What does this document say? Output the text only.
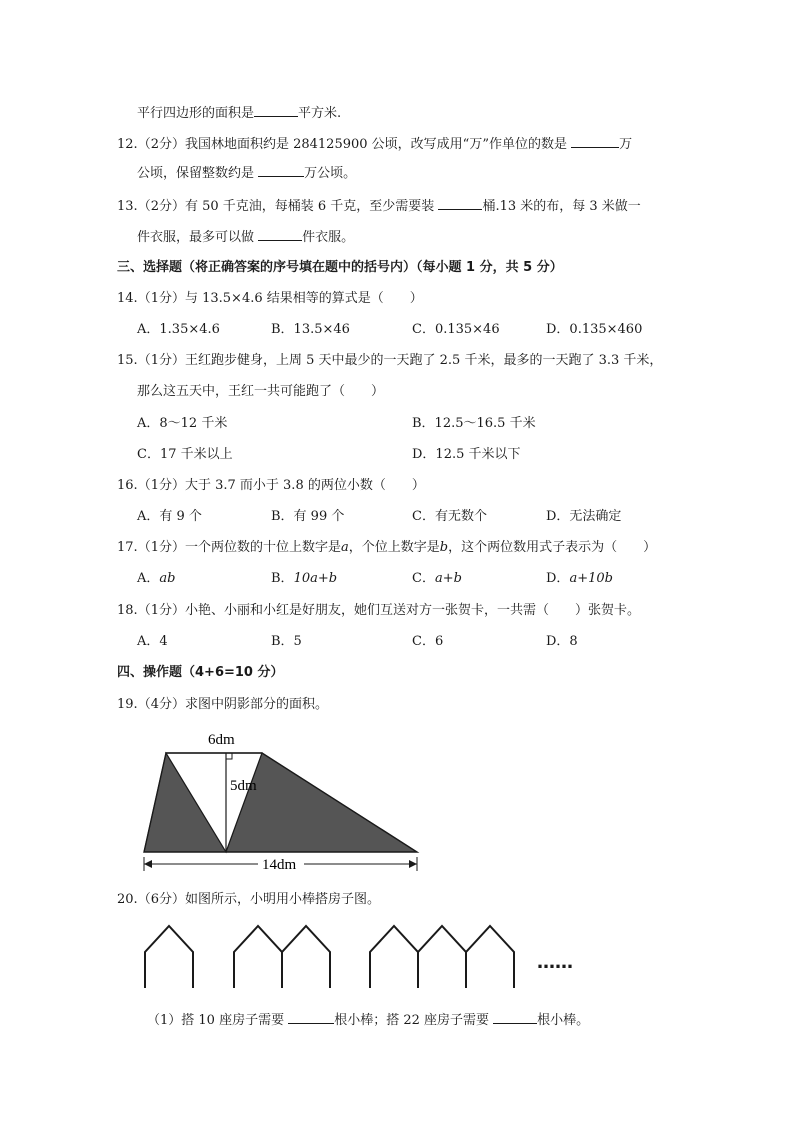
平行四边形的面积是	平方米.
12.（2分）我国林地面积约是 284125900 公顷，改写成用“万”作单位的数是	万
公顷，保留整数约是	万公顷。
13.（2分）有 50 千克油，每桶装 6 千克，至少需要装	桶.13 米的布，每 3 米做一
件衣服，最多可以做	件衣服。
三、选择题（将正确答案的序号填在题中的括号内）（每小题 1 分，共 5 分）
14.（1分）与 13.5×4.6 结果相等的算式是（　　）
A．1.35×4.6	B．13.5×46	C．0.135×46	D．0.135×460
15.（1分）王红跑步健身，上周 5 天中最少的一天跑了 2.5 千米，最多的一天跑了 3.3 千米，
那么这五天中，王红一共可能跑了（　　）
A．8～12 千米	B．12.5～16.5 千米
C．17 千米以上	D．12.5 千米以下
16.（1分）大于 3.7 而小于 3.8 的两位小数（　　）
A．有 9 个	B．有 99 个	C．有无数个	D．无法确定
17.（1分）一个两位数的十位上数字是a，个位上数字是b，这个两位数用式子表示为（　　）
A．ab	B．10a+b	C．a+b	D．a+10b
18.（1分）小艳、小丽和小红是好朋友，她们互送对方一张贺卡，一共需（　　）张贺卡。
A．4	B．5	C．6	D．8
四、操作题（4+6=10 分）
19.（4分）求图中阴影部分的面积。
6dm
5dm
14dm
20.（6分）如图所示，小明用小棒搭房子图。
……
（1）搭 10 座房子需要	根小棒；搭 22 座房子需要	根小棒。
